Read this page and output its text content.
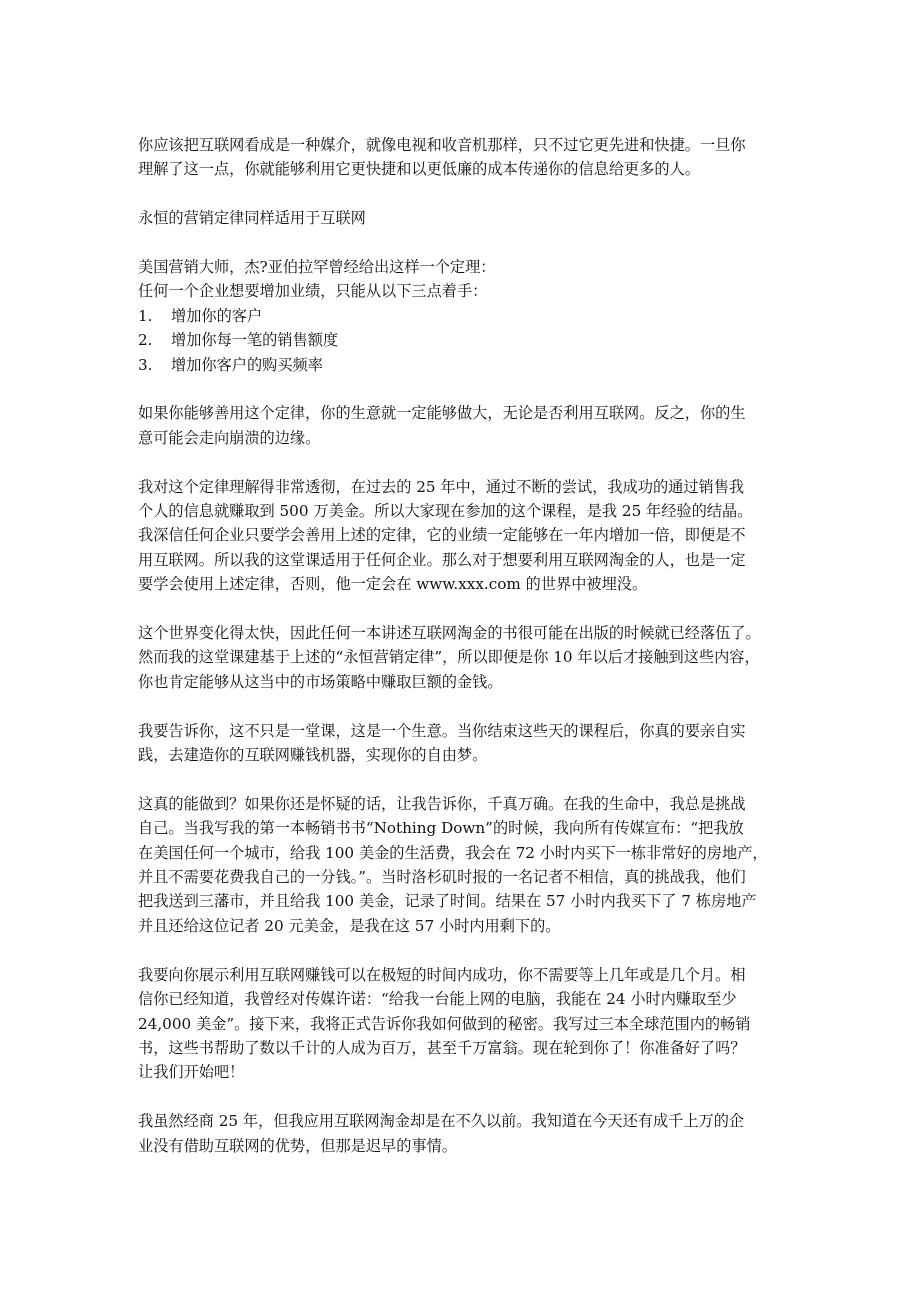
你应该把互联网看成是一种媒介，就像电视和收音机那样，只不过它更先进和快捷。一旦你
理解了这一点，你就能够利用它更快捷和以更低廉的成本传递你的信息给更多的人。
永恒的营销定律同样适用于互联网
美国营销大师，杰?亚伯拉罕曾经给出这样一个定理：
任何一个企业想要增加业绩，只能从以下三点着手：
1. 增加你的客户
2. 增加你每一笔的销售额度
3. 增加你客户的购买频率
如果你能够善用这个定律，你的生意就一定能够做大，无论是否利用互联网。反之，你的生
意可能会走向崩溃的边缘。
我对这个定律理解得非常透彻，在过去的 25 年中，通过不断的尝试，我成功的通过销售我
个人的信息就赚取到 500 万美金。所以大家现在参加的这个课程，是我 25 年经验的结晶。
我深信任何企业只要学会善用上述的定律，它的业绩一定能够在一年内增加一倍，即便是不
用互联网。所以我的这堂课适用于任何企业。那么对于想要利用互联网淘金的人，也是一定
要学会使用上述定律，否则，他一定会在 www.xxx.com 的世界中被埋没。
这个世界变化得太快，因此任何一本讲述互联网淘金的书很可能在出版的时候就已经落伍了。
然而我的这堂课建基于上述的“永恒营销定律”，所以即便是你 10 年以后才接触到这些内容，
你也肯定能够从这当中的市场策略中赚取巨额的金钱。
我要告诉你，这不只是一堂课，这是一个生意。当你结束这些天的课程后，你真的要亲自实
践，去建造你的互联网赚钱机器，实现你的自由梦。
这真的能做到？如果你还是怀疑的话，让我告诉你，千真万确。在我的生命中，我总是挑战
自己。当我写我的第一本畅销书书“Nothing Down”的时候，我向所有传媒宣布：“把我放
在美国任何一个城市，给我 100 美金的生活费，我会在 72 小时内买下一栋非常好的房地产，
并且不需要花费我自己的一分钱。”。当时洛杉矶时报的一名记者不相信，真的挑战我，他们
把我送到三藩市，并且给我 100 美金，记录了时间。结果在 57 小时内我买下了 7 栋房地产
并且还给这位记者 20 元美金，是我在这 57 小时内用剩下的。
我要向你展示利用互联网赚钱可以在极短的时间内成功，你不需要等上几年或是几个月。相
信你已经知道，我曾经对传媒许诺：“给我一台能上网的电脑，我能在 24 小时内赚取至少
24,000 美金”。接下来，我将正式告诉你我如何做到的秘密。我写过三本全球范围内的畅销
书，这些书帮助了数以千计的人成为百万，甚至千万富翁。现在轮到你了！你准备好了吗？
让我们开始吧！
我虽然经商 25 年，但我应用互联网淘金却是在不久以前。我知道在今天还有成千上万的企
业没有借助互联网的优势，但那是迟早的事情。
